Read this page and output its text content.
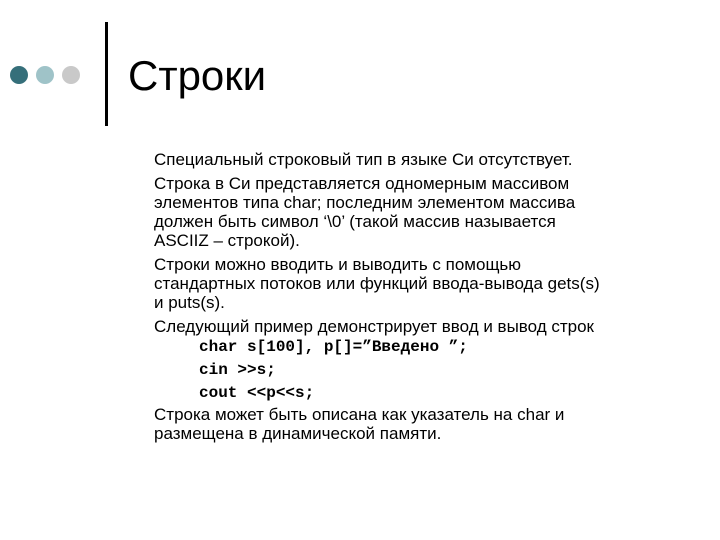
Строки
Специальный строковый тип в языке Си отсутствует.
Строка в Си представляется одномерным массивом
элементов типа char; последним элементом массива
должен быть символ ‘\0’ (такой массив называется
ASCIIZ – строкой).
Строки можно вводить и выводить с помощью
стандартных потоков или функций ввода-вывода gets(s)
и puts(s).
Следующий пример демонстрирует ввод и вывод строк
char s[100], p[]=”Введено ”;
cin >>s;
cout <<p<<s;
Строка может быть описана как указатель на char и
размещена в динамической памяти.
